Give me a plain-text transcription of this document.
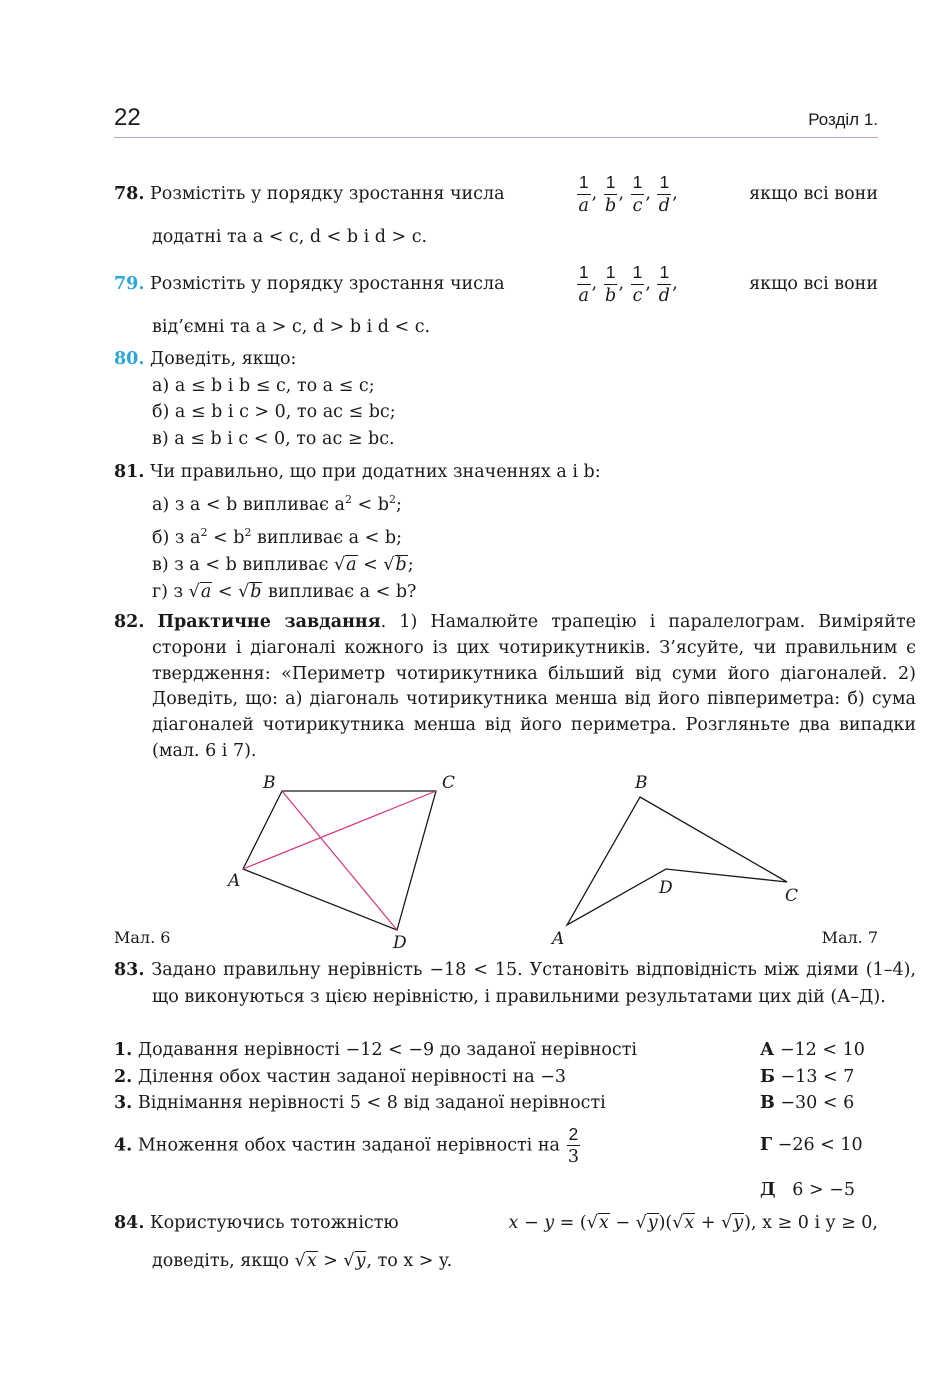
22	Розділ 1.
78. Розмістіть у порядку зростання числа	$\frac{1}{a}$ , $\frac{1}{b}$ , $\frac{1}{c}$ , $\frac{1}{d}$ ,	якщо всі вони
додатні та a < c, d < b і d > c.
79. Розмістіть у порядку зростання числа	$\frac{1}{a}$ , $\frac{1}{b}$ , $\frac{1}{c}$ , $\frac{1}{d}$ ,	якщо всі вони
від’ємні та a > c, d > b і d < c.
80. Доведіть, якщо:
а) a ≤ b і b ≤ c, то a ≤ c;
б) a ≤ b і c > 0, то ac ≤ bc;
в) a ≤ b і c < 0, то ac ≥ bc.
81. Чи правильно, що при додатних значеннях a і b:
а) з a < b випливає $a^2 < b^2$;
б) з $a^2 < b^2$ випливає a < b;
в) з a < b випливає √a < √b;
г) з √a < √b випливає a < b?
82. Практичне завдання. 1) Намалюйте трапецію і паралелограм. Виміряйте сторони і діагоналі кожного із цих чотирикутників. З’ясуйте, чи правильним є твердження: «Периметр чотирикутника більший від суми його діагоналей. 2) Доведіть, що: а) діагональ чотирикутника менша від його півпериметра: б) сума діагоналей чотирикутника менша від його периметра. Розгляньте два випадки (мал. 6 і 7).
B	C
A
D
B
D	C
A
Мал. 6	Мал. 7
83. Задано правильну нерівність −18 < 15. Установіть відповідність між діями (1–4), що виконуються з цією нерівністю, і правильними результатами цих дій (А–Д).
1. Додавання нерівності −12 < −9 до заданої нерівності	А −12 < 10
2. Ділення обох частин заданої нерівності на −3	Б −13 < 7
3. Віднімання нерівності 5 < 8 від заданої нерівності	В −30 < 6
4. Множення обох частин заданої нерівності на $\frac{2}{3}$	Г −26 < 10
Д 6 > −5
84. Користуючись тотожністю	x − y = (√x − √y)(√x + √y), x ≥ 0 і y ≥ 0,
доведіть, якщо √x > √y, то x > y.
